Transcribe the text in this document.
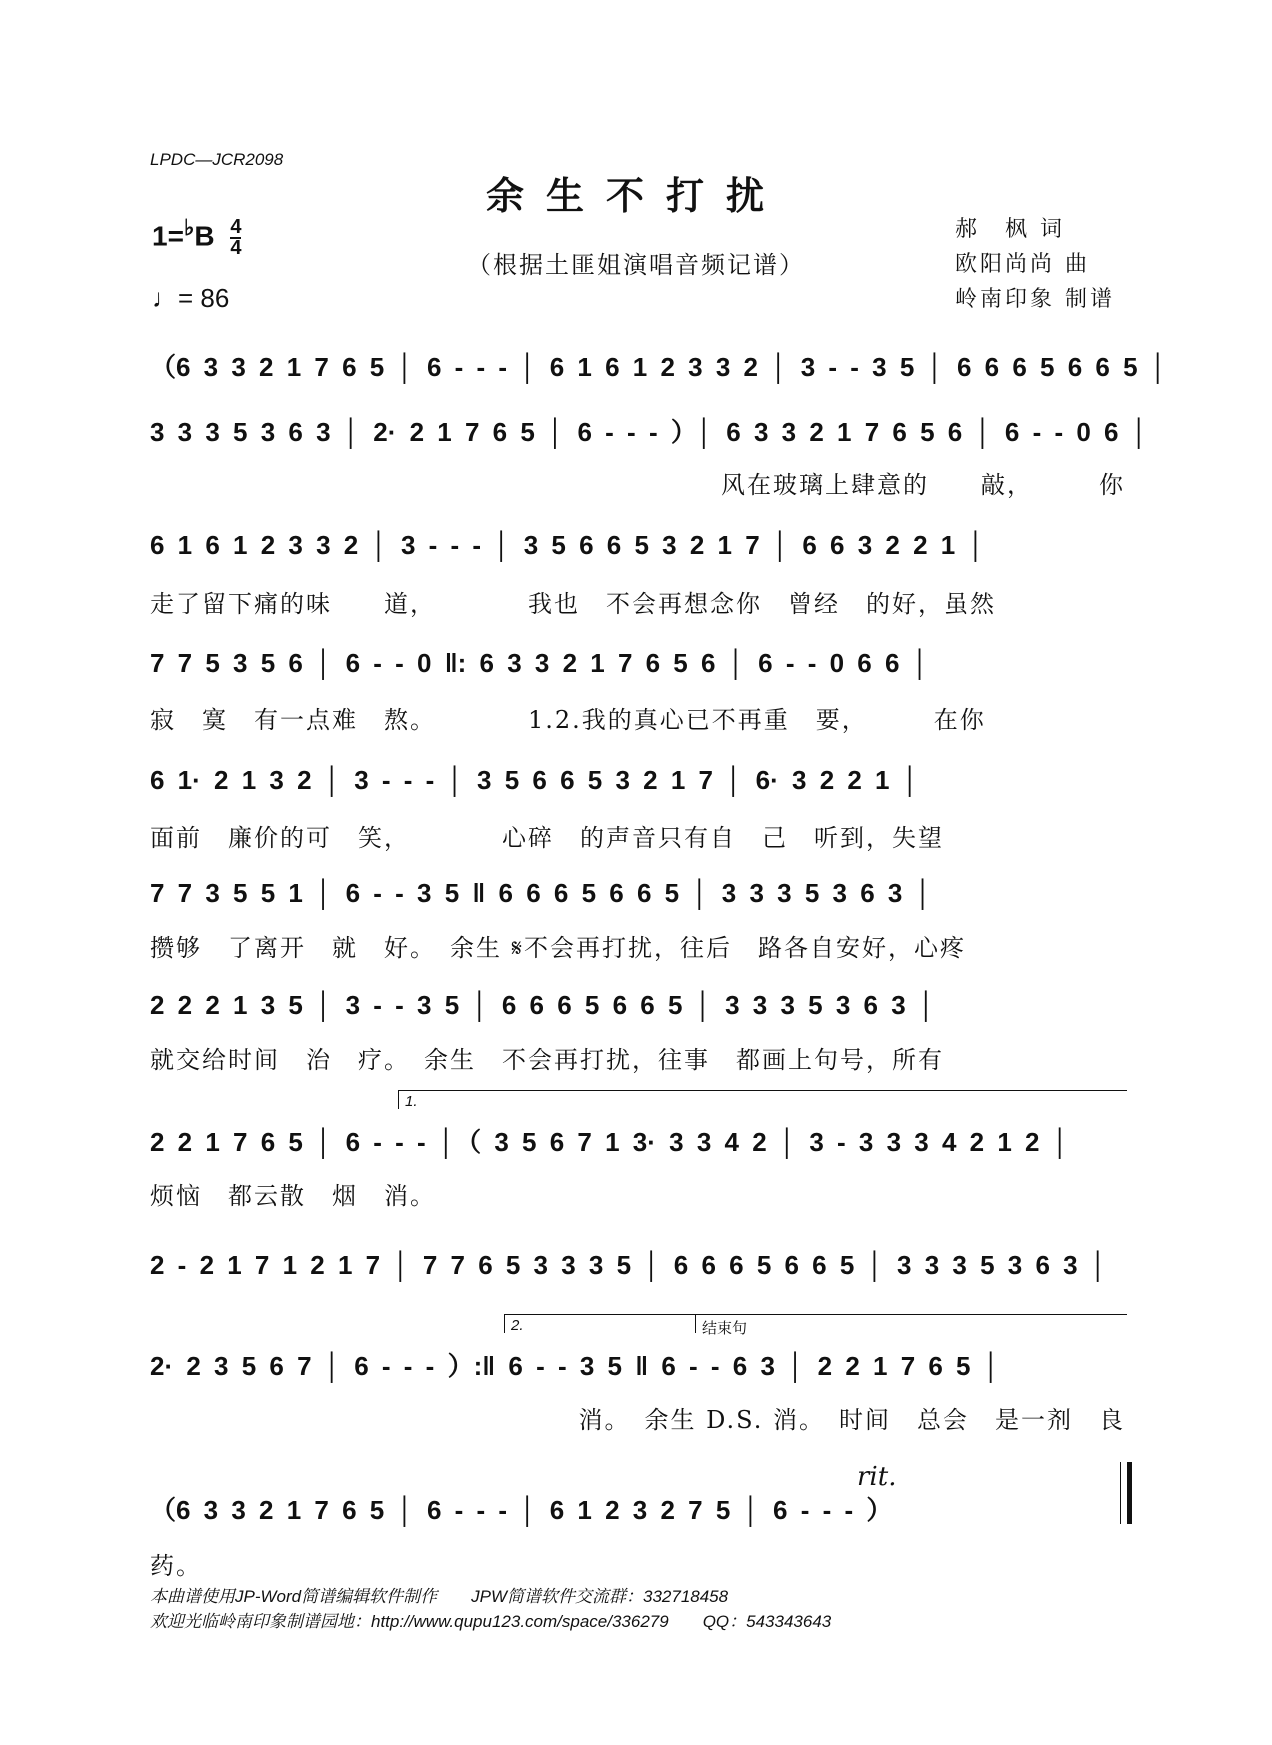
LPDC—JCR2098
余生不打扰
（根据土匪姐演唱音频记谱）
$1=^♭B \frac{4}{4}$
♩= 86
郝　枫 词
欧阳尚尚 曲
岭南印象 制谱
（6 3 3 2 1 7 6 5 │ 6 - - - │ 6 1 6 1 2 3 3 2 │ 3 - - 3 5 │ 6 6 6 5 6 6 5 │
3 3 3 5 3 6 3 │ 2· 2 1 7 6 5 │ 6 - - - ）│ 6 3 3 2 1 7 6 5 6 │ 6 - - 0 6 │
风在玻璃上肆意的　　敲，　　　你
6 1 6 1 2 3 3 2 │ 3 - - - │ 3 5 6 6 5 3 2 1 7 │ 6 6 3 2 2 1 │
走了留下痛的味　　道，　　　　我也　不会再想念你　曾经　的好，虽然
7 7 5 3 5 6 │ 6 - - 0 ‖: 6 3 3 2 1 7 6 5 6 │ 6 - - 0 6 6 │
寂　寞　有一点难　熬。　　　　1.2.我的真心已不再重　要，　　　在你
6 1· 2 1 3 2 │ 3 - - - │ 3 5 6 6 5 3 2 1 7 │ 6· 3 2 2 1 │
面前　廉价的可　笑，　　　　心碎　的声音只有自　己　听到，失望
7 7 3 5 5 1 │ 6 - - 3 5 ‖ 6 6 6 5 6 6 5 │ 3 3 3 5 3 6 3 │
攒够　了离开　就　好。　余生 𝄋不会再打扰，往后　路各自安好，心疼
2 2 2 1 3 5 │ 3 - - 3 5 │ 6 6 6 5 6 6 5 │ 3 3 3 5 3 6 3 │
就交给时间　治　疗。　余生　不会再打扰，往事　都画上句号，所有
1.
2 2 1 7 6 5 │ 6 - - - │（ 3 5 6 7 1 3· 3 3 4 2 │ 3 - 3 3 3 4 2 1 2 │
烦恼　都云散　烟　消。
2 - 2 1 7 1 2 1 7 │ 7 7 6 5 3 3 3 5 │ 6 6 6 5 6 6 5 │ 3 3 3 5 3 6 3 │
2.	结束句
2· 2 3 5 6 7 │ 6 - - - ）:‖ 6 - - 3 5 ‖ 6 - - 6 3 │ 2 2 1 7 6 5 │
消。　余生 D.S. 消。　时间　总会　是一剂　良
rit.
（6 3 3 2 1 7 6 5 │ 6 - - - │ 6 1 2 3 2 7 5 │ 6 - - - ）
药。
本曲谱使用JP-Word简谱编辑软件制作　　JPW简谱软件交流群：332718458
欢迎光临岭南印象制谱园地：http://www.qupu123.com/space/336279　　QQ：543343643
